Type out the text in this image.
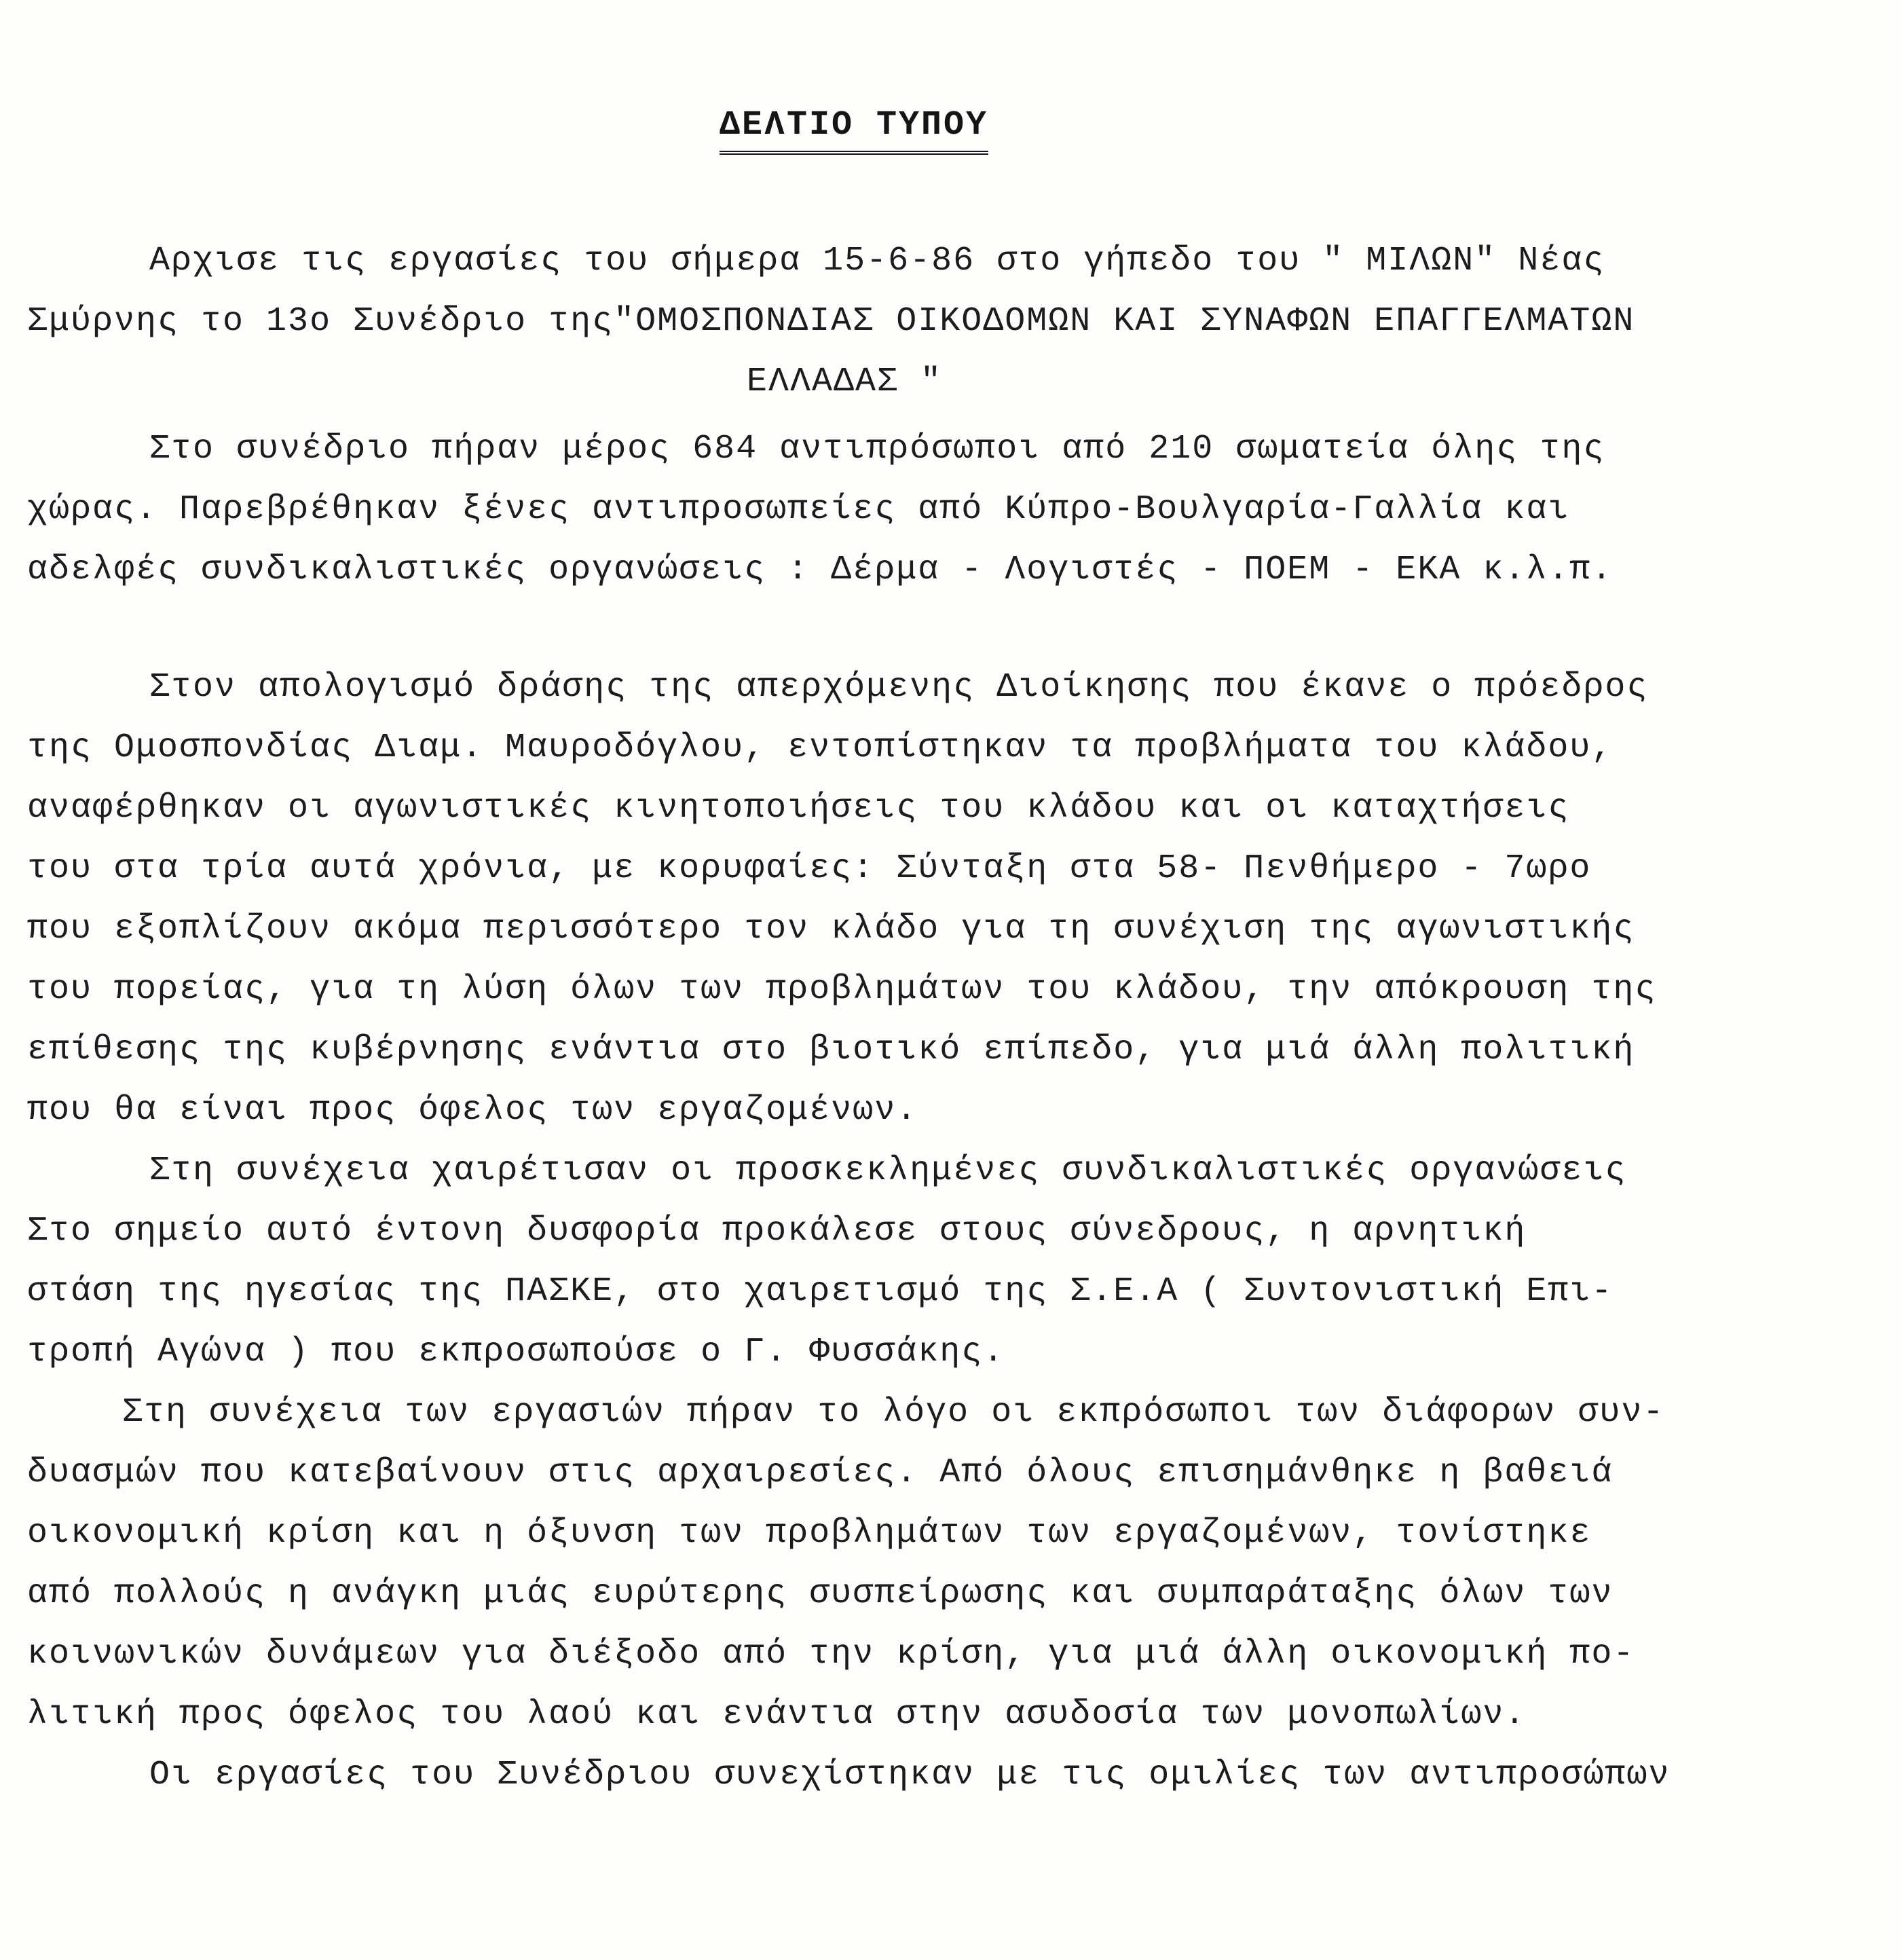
ΔΕΛΤΙΟ ΤΥΠΟΥ
Αρχισε τις εργασίες του σήμερα 15-6-86 στο γήπεδο του " ΜΙΛΩΝ" Νέας
Σμύρνης το 13ο Συνέδριο της"ΟΜΟΣΠΟΝΔΙΑΣ ΟΙΚΟΔΟΜΩΝ ΚΑΙ ΣΥΝΑΦΩΝ ΕΠΑΓΓΕΛΜΑΤΩΝ
ΕΛΛΑΔΑΣ "
Στο συνέδριο πήραν μέρος 684 αντιπρόσωποι από 210 σωματεία όλης της
χώρας. Παρεβρέθηκαν ξένες αντιπροσωπείες από Κύπρο-Βουλγαρία-Γαλλία και
αδελφές συνδικαλιστικές οργανώσεις : Δέρμα - Λογιστές - ΠΟΕΜ - ΕΚΑ κ.λ.π.
Στον απολογισμό δράσης της απερχόμενης Διοίκησης που έκανε ο πρόεδρος
της Ομοσπονδίας Διαμ. Μαυροδόγλου, εντοπίστηκαν τα προβλήματα του κλάδου,
αναφέρθηκαν οι αγωνιστικές κινητοποιήσεις του κλάδου και οι καταχτήσεις
του στα τρία αυτά χρόνια, με κορυφαίες: Σύνταξη στα 58- Πενθήμερο - 7ωρο
που εξοπλίζουν ακόμα περισσότερο τον κλάδο για τη συνέχιση της αγωνιστικής
του πορείας, για τη λύση όλων των προβλημάτων του κλάδου, την απόκρουση της
επίθεσης της κυβέρνησης ενάντια στο βιοτικό επίπεδο, για μιά άλλη πολιτική
που θα είναι προς όφελος των εργαζομένων.
Στη συνέχεια χαιρέτισαν οι προσκεκλημένες συνδικαλιστικές οργανώσεις
Στο σημείο αυτό έντονη δυσφορία προκάλεσε στους σύνεδρους, η αρνητική
στάση της ηγεσίας της ΠΑΣΚΕ, στο χαιρετισμό της Σ.Ε.Α ( Συντονιστική Επι-
τροπή Αγώνα ) που εκπροσωπούσε ο Γ. Φυσσάκης.
Στη συνέχεια των εργασιών πήραν το λόγο οι εκπρόσωποι των διάφορων συν-
δυασμών που κατεβαίνουν στις αρχαιρεσίες. Από όλους επισημάνθηκε η βαθειά
οικονομική κρίση και η όξυνση των προβλημάτων των εργαζομένων, τονίστηκε
από πολλούς η ανάγκη μιάς ευρύτερης συσπείρωσης και συμπαράταξης όλων των
κοινωνικών δυνάμεων για διέξοδο από την κρίση, για μιά άλλη οικονομική πο-
λιτική προς όφελος του λαού και ενάντια στην ασυδοσία των μονοπωλίων.
Οι εργασίες του Συνέδριου συνεχίστηκαν με τις ομιλίες των αντιπροσώπων
